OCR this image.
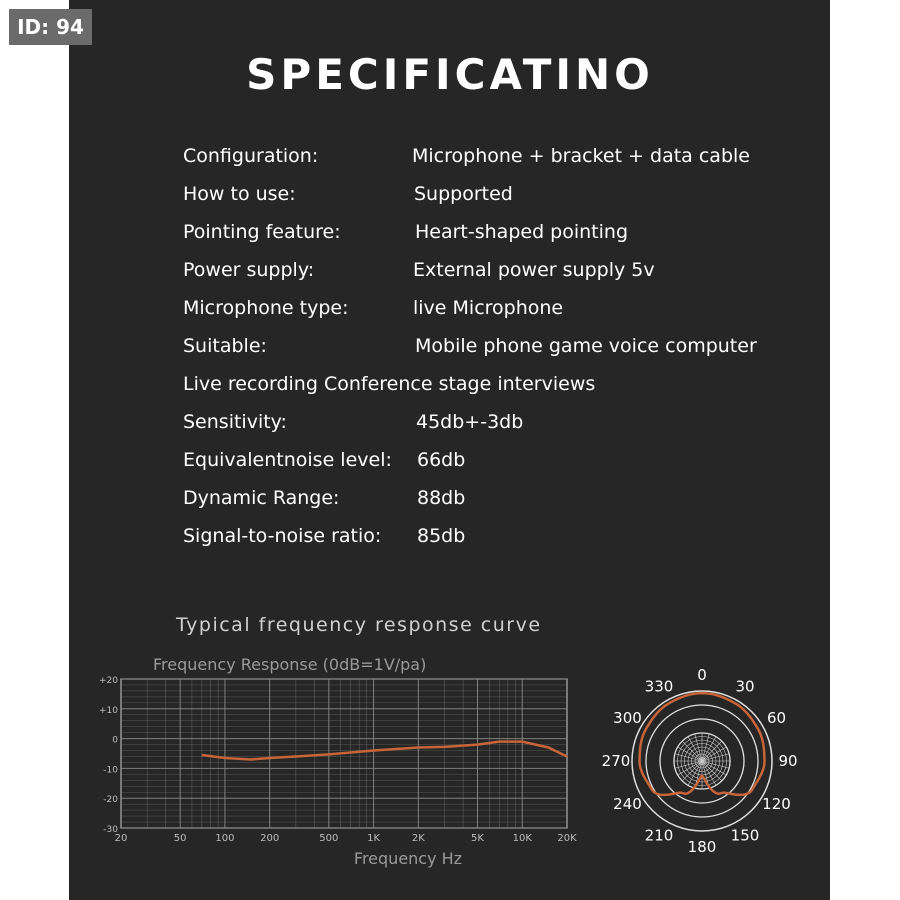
ID: 94
SPECIFICATINO
Configuration:	Microphone + bracket + data cable
How to use:	Supported
Pointing feature:	Heart-shaped pointing
Power supply:	External power supply 5v
Microphone type:	live Microphone
Suitable:	Mobile phone game voice computer
Live recording Conference stage interviews
Sensitivity:	45db+-3db
Equivalentnoise level: 66db
Dynamic Range:	88db
Signal-to-noise ratio: 85db
Typical frequency response curve
20	50	100	200	500	1K	2K	5K	10K	20K
+20
+10
0
-10
-20
-30
Frequency Response (0dB=1V/pa)
Frequency Hz
0
30
60
90
120
150
180
210
240
270
300
330
